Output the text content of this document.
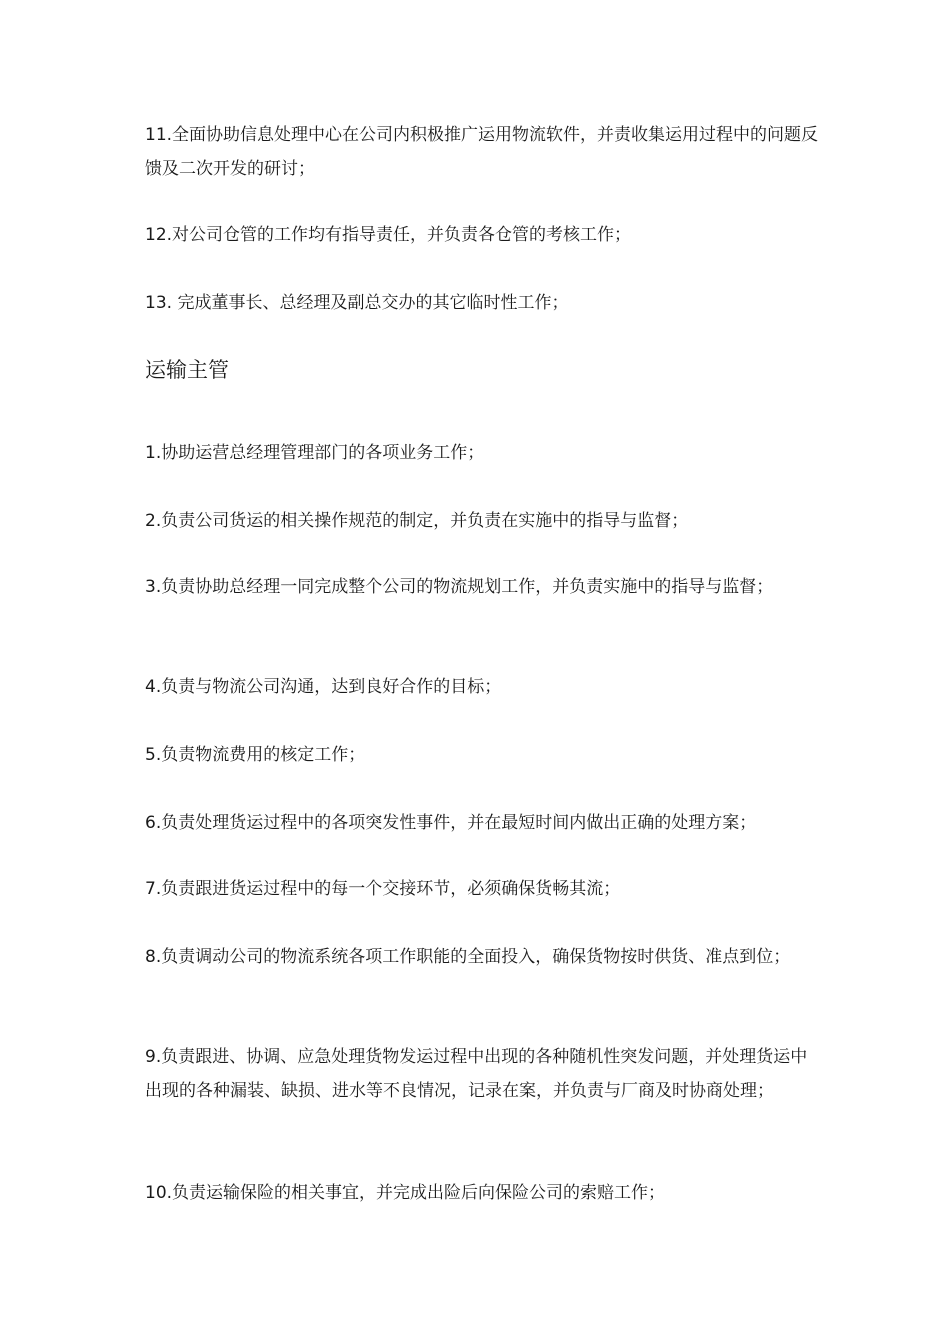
11.全面协助信息处理中心在公司内积极推广运用物流软件，并责收集运用过程中的问题反馈及二次开发的研讨；

12.对公司仓管的工作均有指导责任，并负责各仓管的考核工作；

13. 完成董事长、总经理及副总交办的其它临时性工作；

运输主管

1.协助运营总经理管理部门的各项业务工作；

2.负责公司货运的相关操作规范的制定，并负责在实施中的指导与监督；

3.负责协助总经理一同完成整个公司的物流规划工作，并负责实施中的指导与监督；

4.负责与物流公司沟通，达到良好合作的目标；

5.负责物流费用的核定工作；

6.负责处理货运过程中的各项突发性事件，并在最短时间内做出正确的处理方案；

7.负责跟进货运过程中的每一个交接环节，必须确保货畅其流；

8.负责调动公司的物流系统各项工作职能的全面投入，确保货物按时供货、准点到位；

9.负责跟进、协调、应急处理货物发运过程中出现的各种随机性突发问题，并处理货运中出现的各种漏装、缺损、进水等不良情况，记录在案，并负责与厂商及时协商处理；

10.负责运输保险的相关事宜，并完成出险后向保险公司的索赔工作；
